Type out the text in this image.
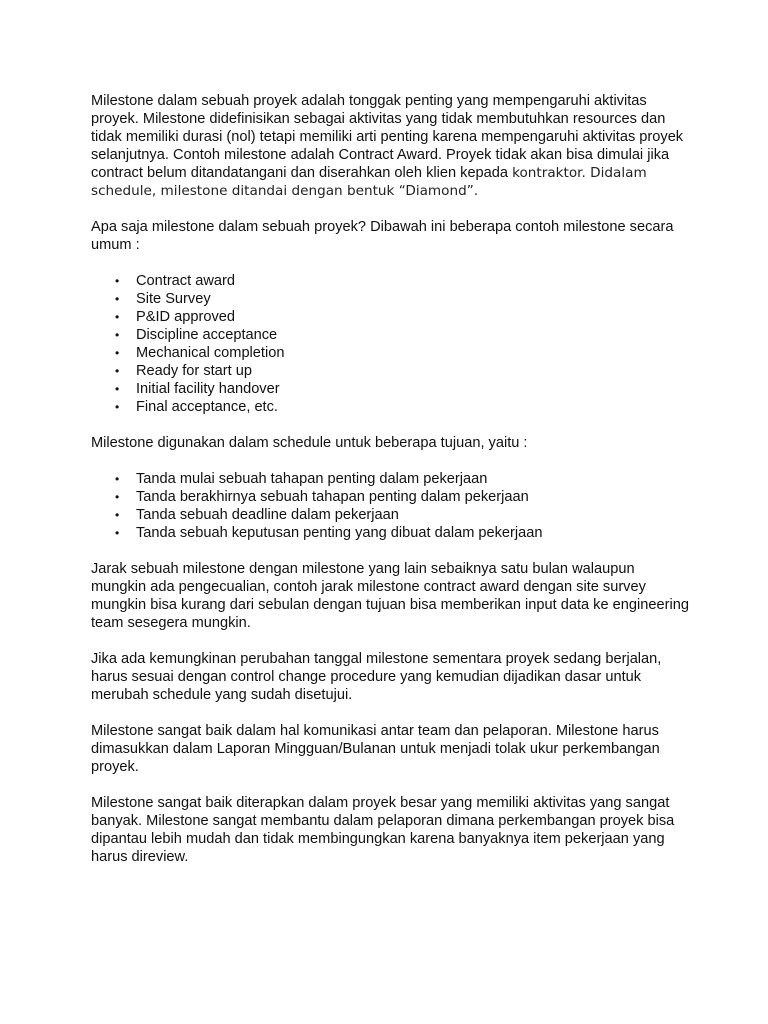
Milestone dalam sebuah proyek adalah tonggak penting yang mempengaruhi aktivitas proyek. Milestone didefinisikan sebagai aktivitas yang tidak membutuhkan resources dan tidak memiliki durasi (nol) tetapi memiliki arti penting karena mempengaruhi aktivitas proyek selanjutnya. Contoh milestone adalah Contract Award. Proyek tidak akan bisa dimulai jika contract belum ditandatangani dan diserahkan oleh klien kepada kontraktor. Didalam schedule, milestone ditandai dengan bentuk “Diamond”.

Apa saja milestone dalam sebuah proyek? Dibawah ini beberapa contoh milestone secara umum :

• Contract award
• Site Survey
• P&ID approved
• Discipline acceptance
• Mechanical completion
• Ready for start up
• Initial facility handover
• Final acceptance, etc.

Milestone digunakan dalam schedule untuk beberapa tujuan, yaitu :

• Tanda mulai sebuah tahapan penting dalam pekerjaan
• Tanda berakhirnya sebuah tahapan penting dalam pekerjaan
• Tanda sebuah deadline dalam pekerjaan
• Tanda sebuah keputusan penting yang dibuat dalam pekerjaan

Jarak sebuah milestone dengan milestone yang lain sebaiknya satu bulan walaupun mungkin ada pengecualian, contoh jarak milestone contract award dengan site survey mungkin bisa kurang dari sebulan dengan tujuan bisa memberikan input data ke engineering team sesegera mungkin.

Jika ada kemungkinan perubahan tanggal milestone sementara proyek sedang berjalan, harus sesuai dengan control change procedure yang kemudian dijadikan dasar untuk merubah schedule yang sudah disetujui.

Milestone sangat baik dalam hal komunikasi antar team dan pelaporan. Milestone harus dimasukkan dalam Laporan Mingguan/Bulanan untuk menjadi tolak ukur perkembangan proyek.

Milestone sangat baik diterapkan dalam proyek besar yang memiliki aktivitas yang sangat banyak. Milestone sangat membantu dalam pelaporan dimana perkembangan proyek bisa dipantau lebih mudah dan tidak membingungkan karena banyaknya item pekerjaan yang harus direview.
